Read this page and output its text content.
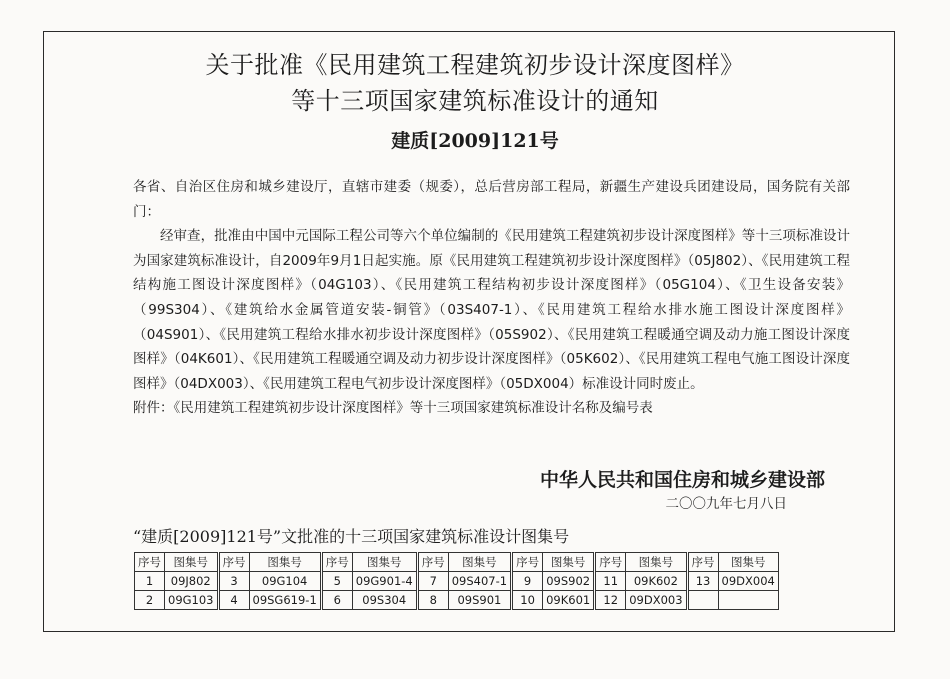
关于批准《民用建筑工程建筑初步设计深度图样》
等十三项国家建筑标准设计的通知
建质[2009]121号

各省、自治区住房和城乡建设厅，直辖市建委（规委），总后营房部工程局，新疆生产建设兵团建设局，国务院有关部门：

经审查，批准由中国中元国际工程公司等六个单位编制的《民用建筑工程建筑初步设计深度图样》等十三项标准设计为国家建筑标准设计，自2009年9月1日起实施。原《民用建筑工程建筑初步设计深度图样》（05J802）、《民用建筑工程结构施工图设计深度图样》（04G103）、《民用建筑工程结构初步设计深度图样》（05G104）、《卫生设备安装》（99S304）、《建筑给水金属管道安装-铜管》（03S407-1）、《民用建筑工程给水排水施工图设计深度图样》（04S901）、《民用建筑工程给水排水初步设计深度图样》（05S902）、《民用建筑工程暖通空调及动力施工图设计深度图样》（04K601）、《民用建筑工程暖通空调及动力初步设计深度图样》（05K602）、《民用建筑工程电气施工图设计深度图样》（04DX003）、《民用建筑工程电气初步设计深度图样》（05DX004）标准设计同时废止。

附件：《民用建筑工程建筑初步设计深度图样》等十三项国家建筑标准设计名称及编号表

中华人民共和国住房和城乡建设部
二〇〇九年七月八日
“建质[2009]121号”文批准的十三项国家建筑标准设计图集号
序号	图集号	序号	图集号	序号	图集号	序号	图集号	序号	图集号	序号	图集号	序号	图集号
1	09J802	3	09G104	5	09G901-4	7	09S407-1	9	09S902	11	09K602	13	09DX004
2	09G103	4	09SG619-1	6	09S304	8	09S901	10	09K601	12	09DX003		
